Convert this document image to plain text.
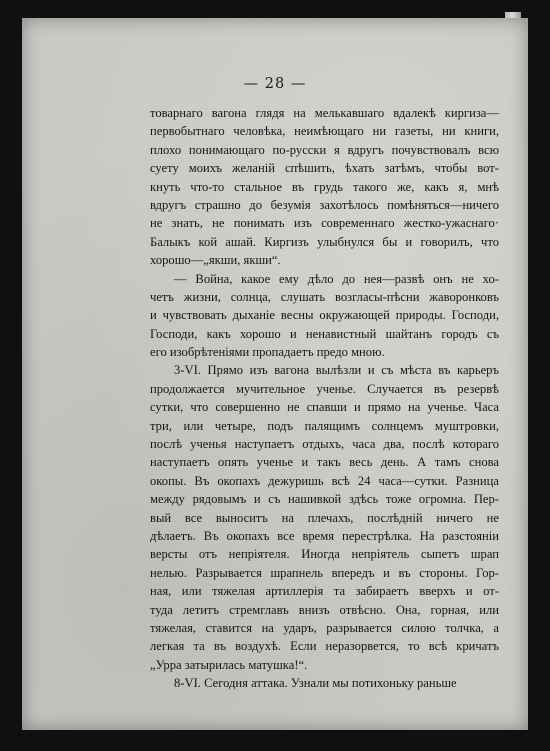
— 28 —
товарнаго вагона глядя на мелькавшаго вдалекѣ киргиза—
первобытнаго человѣка, неимѣющаго ни газеты, ни книги,
плохо понимающаго по-русски я вдругъ почувствовалъ всю
суету моихъ желаній спѣшить, ѣхать затѣмъ, чтобы вот-
кнуть что-то стальное въ грудь такого же, какъ я, мнѣ
вдругъ страшно до безумія захотѣлось помѣняться—ничего
не знать, не понимать изъ современнаго жестко-ужаснаго·
Балыкъ кой ашай. Киргизъ улыбнулся бы и говорилъ, что
хорошо—„якши, якши“.
— Война, какое ему дѣло до нея—развѣ онъ не хо-
четъ жизни, солнца, слушать возгласы-пѣсни жаворонковъ
и чувствовать дыханіе весны окружающей природы. Господи,
Господи, какъ хорошо и ненавистный шайтанъ городъ съ
его изобрѣтеніями пропадаетъ предо мною.
3-VI. Прямо изъ вагона вылѣзли и съ мѣста въ карьеръ
продолжается мучительное ученье. Случается въ резервѣ
сутки, что совершенно не спавши и прямо на ученье. Часа
три, или четыре, подъ палящимъ солнцемъ муштровки,
послѣ ученья наступаетъ отдыхъ, часа два, послѣ котораго
наступаетъ опять ученье и такъ весь день. А тамъ снова
окопы. Въ окопахъ дежуришь всѣ 24 часа—сутки. Разница
между рядовымъ и съ нашивкой здѣсь тоже огромна. Пер-
вый все выноситъ на плечахъ, послѣдній ничего не
дѣлаетъ. Въ окопахъ все время перестрѣлка. На разстояніи
версты отъ непріятеля. Иногда непріятель сыпетъ шрап
нелью. Разрывается шрапнель впередъ и въ стороны. Гор-
ная, или тяжелая артиллерія та забираетъ вверхъ и от-
туда летитъ стремглавъ внизъ отвѣсно. Она, горная, или
тяжелая, ставится на ударъ, разрывается силою толчка, а
легкая та въ воздухѣ. Если неразорвется, то всѣ кричатъ
„Урра затырилась матушка!“.
8-VI. Сегодня аттака. Узнали мы потихоньку раньше
